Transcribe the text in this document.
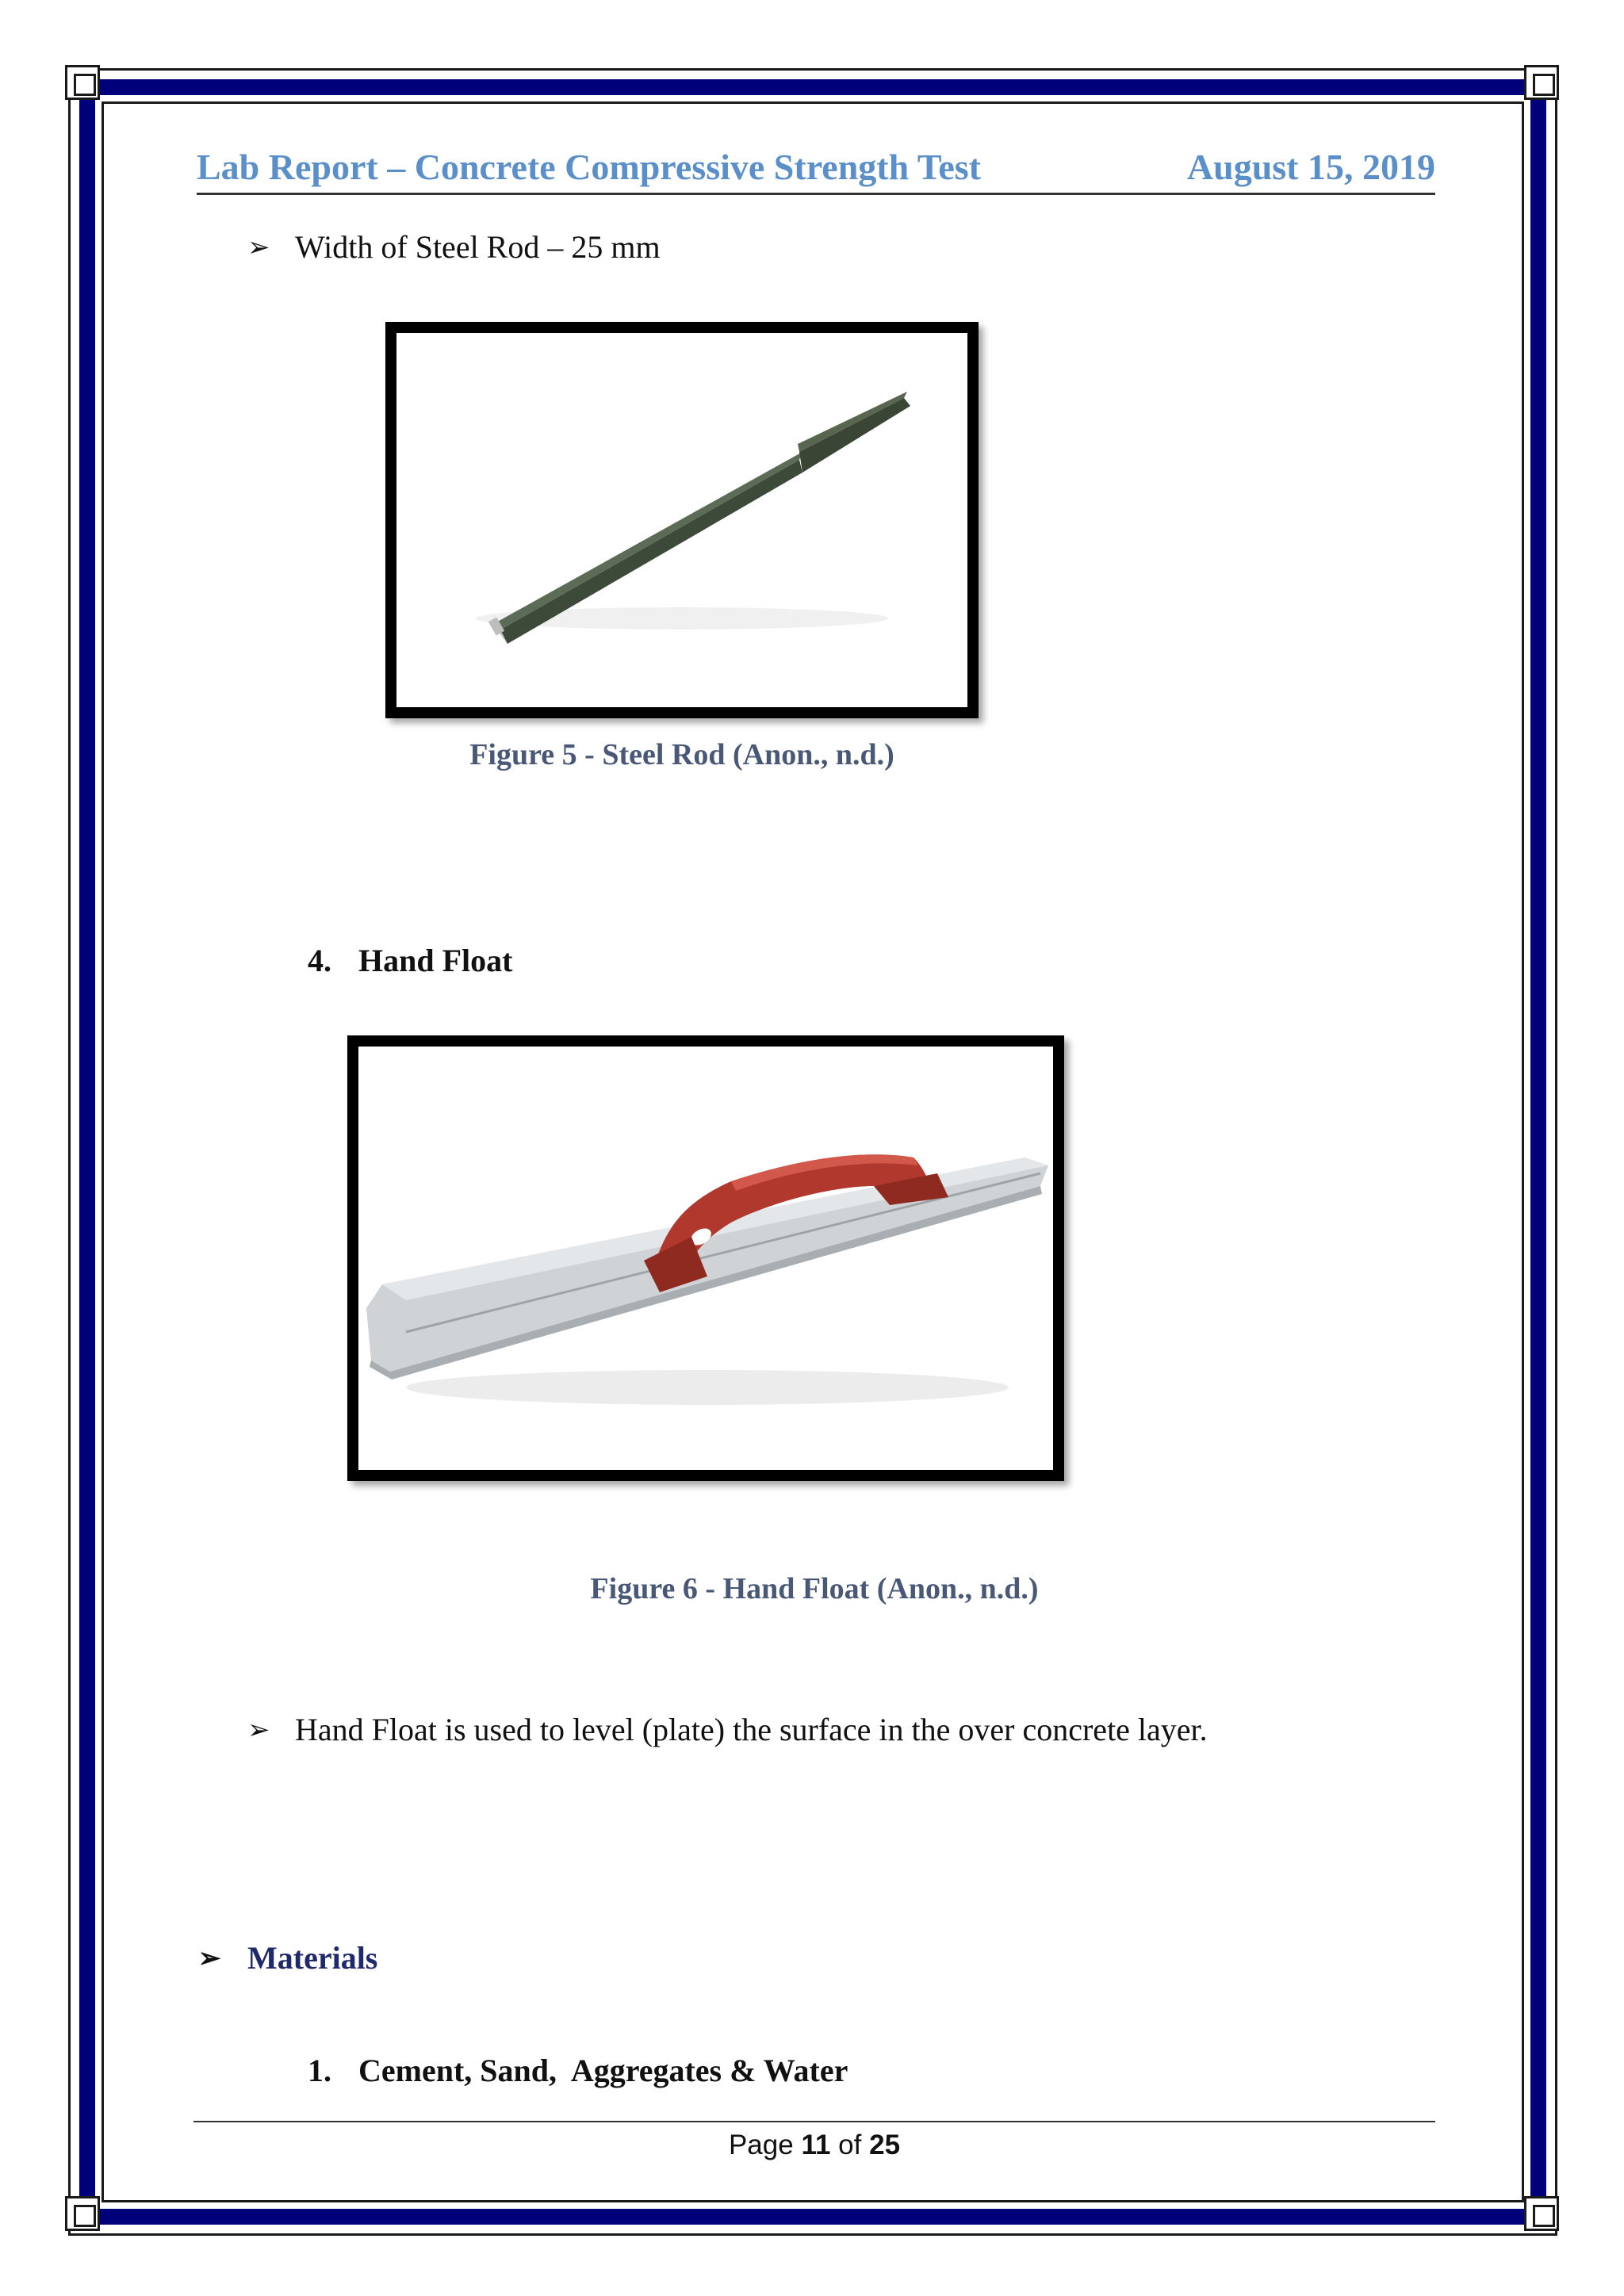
Lab Report – Concrete Compressive Strength Test	August 15, 2019
➢ Width of Steel Rod – 25 mm
Figure 5 - Steel Rod (Anon., n.d.)
4. Hand Float
Figure 6 - Hand Float (Anon., n.d.)
➢ Hand Float is used to level (plate) the surface in the over concrete layer.
➢ Materials
1. Cement, Sand,  Aggregates & Water
Page 11 of 25
